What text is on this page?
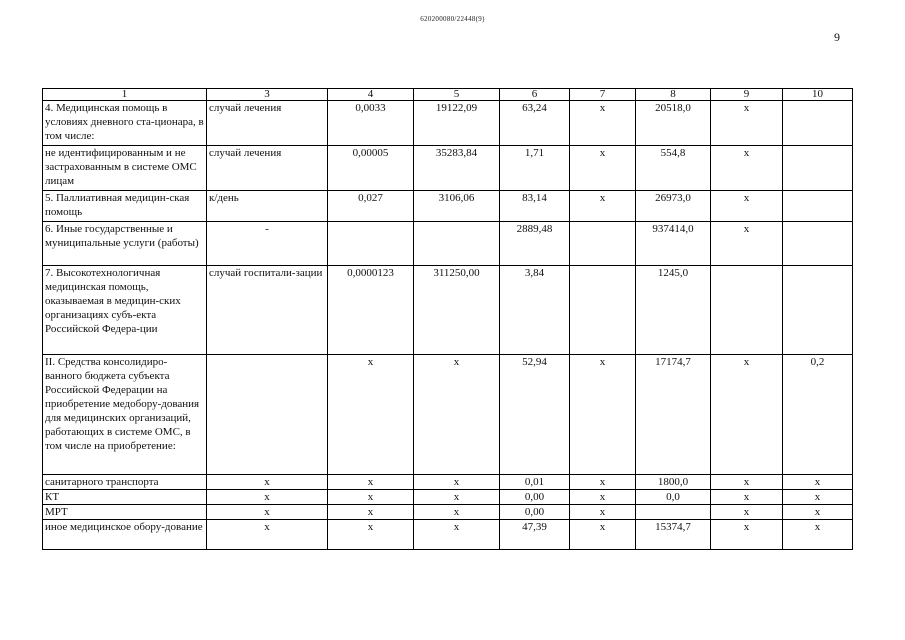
620200080/22448(9)
9
1	3	4	5	6	7	8	9	10
4. Медицинская помощь в условиях дневного ста-ционара, в том числе:	случай лечения	0,0033	19122,09	63,24	х	20518,0	х	
не идентифицированным и не застрахованным в системе ОМС лицам	случай лечения	0,00005	35283,84	1,71	х	554,8	х	
5. Паллиативная медицин-ская помощь	к/день	0,027	3106,06	83,14	х	26973,0	х	
6. Иные государственные и муниципальные услуги (работы)	-			2889,48		937414,0	х	
7. Высокотехнологичная медицинская помощь, оказываемая в медицин-ских организациях субъ-екта Российской Федера-ции	случай госпитали-зации	0,0000123	311250,00	3,84		1245,0		
II. Средства консолидиро-ванного бюджета субъекта Российской Федерации на приобретение медобору-дования для медицинских организаций, работающих в системе ОМС, в том числе на приобретение:		х	х	52,94	х	17174,7	х	0,2
санитарного транспорта	х	х	х	0,01	х	1800,0	х	х
КТ	х	х	х	0,00	х	0,0	х	х
МРТ	х	х	х	0,00	х		х	х
иное медицинское обору-дование	х	х	х	47,39	х	15374,7	х	х
